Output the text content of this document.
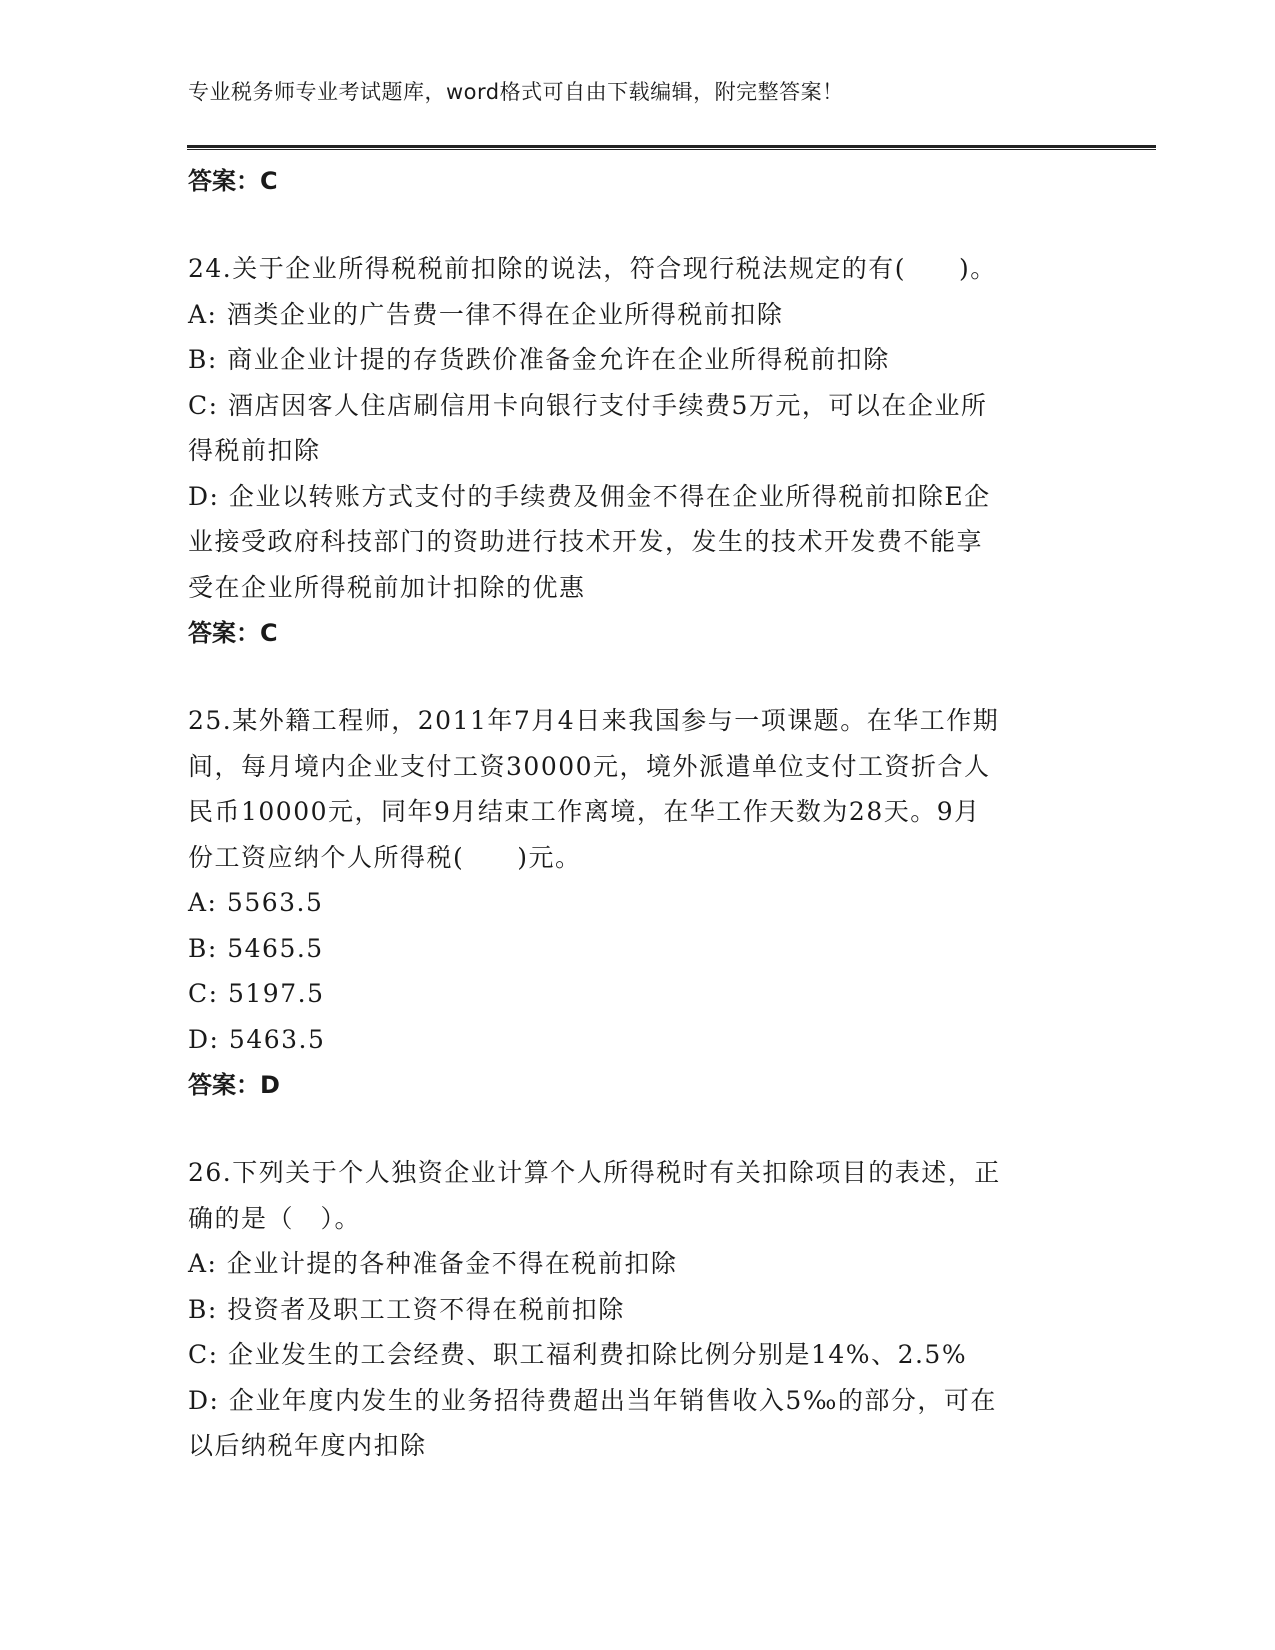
专业税务师专业考试题库，word格式可自由下载编辑，附完整答案！
答案：C
24.关于企业所得税税前扣除的说法，符合现行税法规定的有(　　)。
A: 酒类企业的广告费一律不得在企业所得税前扣除
B: 商业企业计提的存货跌价准备金允许在企业所得税前扣除
C: 酒店因客人住店刷信用卡向银行支付手续费5万元，可以在企业所
得税前扣除
D: 企业以转账方式支付的手续费及佣金不得在企业所得税前扣除E企
业接受政府科技部门的资助进行技术开发，发生的技术开发费不能享
受在企业所得税前加计扣除的优惠
答案：C
25.某外籍工程师，2011年7月4日来我国参与一项课题。在华工作期
间，每月境内企业支付工资30000元，境外派遣单位支付工资折合人
民币10000元，同年9月结束工作离境，在华工作天数为28天。9月
份工资应纳个人所得税(　　)元。
A: 5563.5
B: 5465.5
C: 5197.5
D: 5463.5
答案：D
26.下列关于个人独资企业计算个人所得税时有关扣除项目的表述，正
确的是（　）。
A: 企业计提的各种准备金不得在税前扣除
B: 投资者及职工工资不得在税前扣除
C: 企业发生的工会经费、职工福利费扣除比例分别是14%、2.5%
D: 企业年度内发生的业务招待费超出当年销售收入5‰的部分，可在
以后纳税年度内扣除
